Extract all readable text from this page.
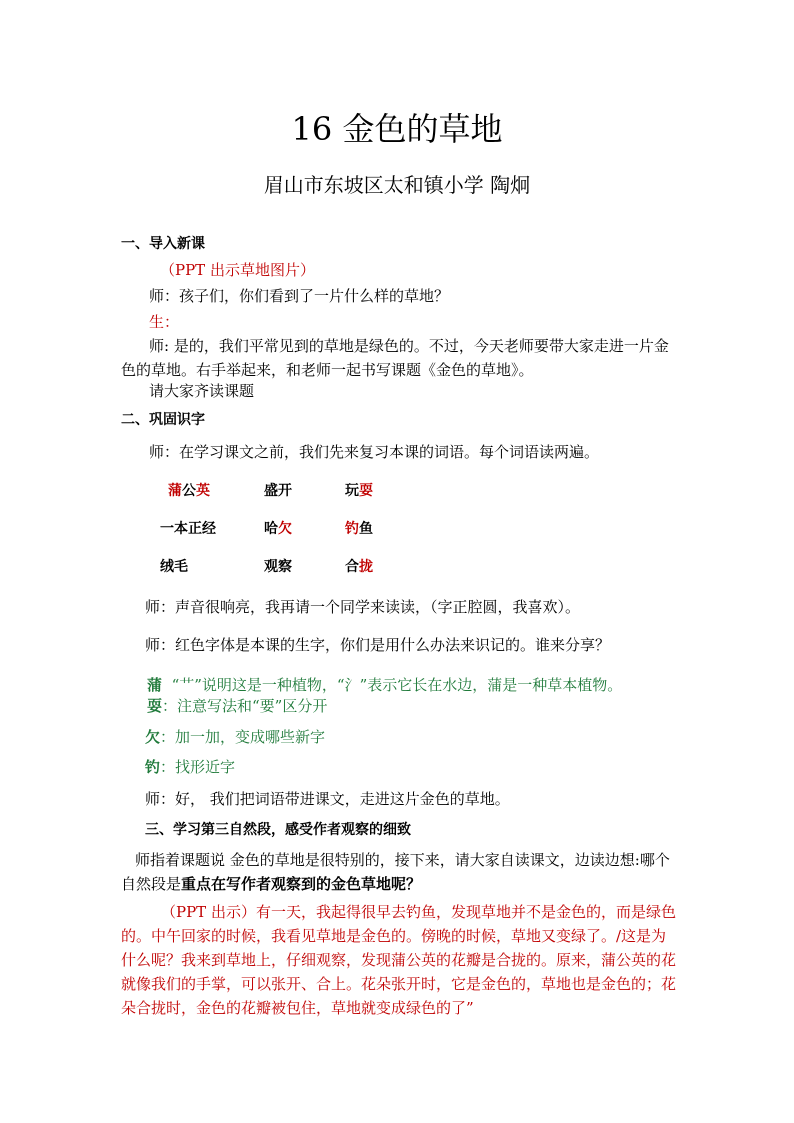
16 金色的草地
眉山市东坡区太和镇小学 陶炯
一、导入新课
（PPT 出示草地图片）
师：孩子们，你们看到了一片什么样的草地？
生：
师: 是的，我们平常见到的草地是绿色的。不过，今天老师要带大家走进一片金色的草地。右手举起来，和老师一起书写课题《金色的草地》。
请大家齐读课题
二、巩固识字
师：在学习课文之前，我们先来复习本课的词语。每个词语读两遍。
蒲公英	盛开	玩耍
一本正经	哈欠	钓鱼
绒毛	观察	合拢
师：声音很响亮，我再请一个同学来读读，（字正腔圆，我喜欢）。
师：红色字体是本课的生字，你们是用什么办法来识记的。谁来分享？
蒲 “艹”说明这是一种植物，“氵”表示它长在水边，蒲是一种草本植物。
耍：注意写法和“要”区分开
欠：加一加，变成哪些新字
钓：找形近字
师：好， 我们把词语带进课文，走进这片金色的草地。
三、学习第三自然段，感受作者观察的细致
师指着课题说 金色的草地是很特别的，接下来，请大家自读课文，边读边想:哪个自然段是重点在写作者观察到的金色草地呢？
（PPT 出示）有一天，我起得很早去钓鱼，发现草地并不是金色的，而是绿色的。中午回家的时候，我看见草地是金色的。傍晚的时候，草地又变绿了。/这是为什么呢？我来到草地上，仔细观察，发现蒲公英的花瓣是合拢的。原来，蒲公英的花就像我们的手掌，可以张开、合上。花朵张开时，它是金色的，草地也是金色的；花朵合拢时，金色的花瓣被包住，草地就变成绿色的了”
